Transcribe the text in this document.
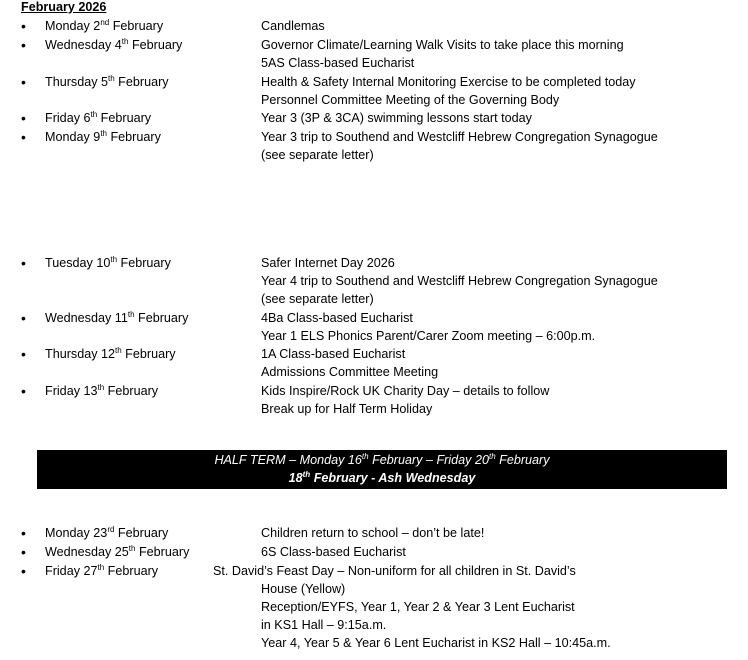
February 2026
• Monday 2nd February	Candlemas
• Wednesday 4th February	Governor Climate/Learning Walk Visits to take place this morning
5AS Class-based Eucharist
• Thursday 5th February	Health & Safety Internal Monitoring Exercise to be completed today
Personnel Committee Meeting of the Governing Body
• Friday 6th February	Year 3 (3P & 3CA) swimming lessons start today
• Monday 9th February	Year 3 trip to Southend and Westcliff Hebrew Congregation Synagogue
(see separate letter)
• Tuesday 10th February	Safer Internet Day 2026
Year 4 trip to Southend and Westcliff Hebrew Congregation Synagogue
(see separate letter)
• Wednesday 11th February	4Ba Class-based Eucharist
Year 1 ELS Phonics Parent/Carer Zoom meeting – 6:00p.m.
• Thursday 12th February	1A Class-based Eucharist
Admissions Committee Meeting
• Friday 13th February	Kids Inspire/Rock UK Charity Day – details to follow
Break up for Half Term Holiday
• Monday 23rd February	Children return to school – don’t be late!
• Wednesday 25th February	6S Class-based Eucharist
• Friday 27th February	St. David’s Feast Day – Non-uniform for all children in St. David’s
House (Yellow)
Reception/EYFS, Year 1, Year 2 & Year 3 Lent Eucharist
in KS1 Hall – 9:15a.m.
Year 4, Year 5 & Year 6 Lent Eucharist in KS2 Hall – 10:45a.m.
HALF TERM – Monday 16th February – Friday 20th February
18th February - Ash Wednesday
